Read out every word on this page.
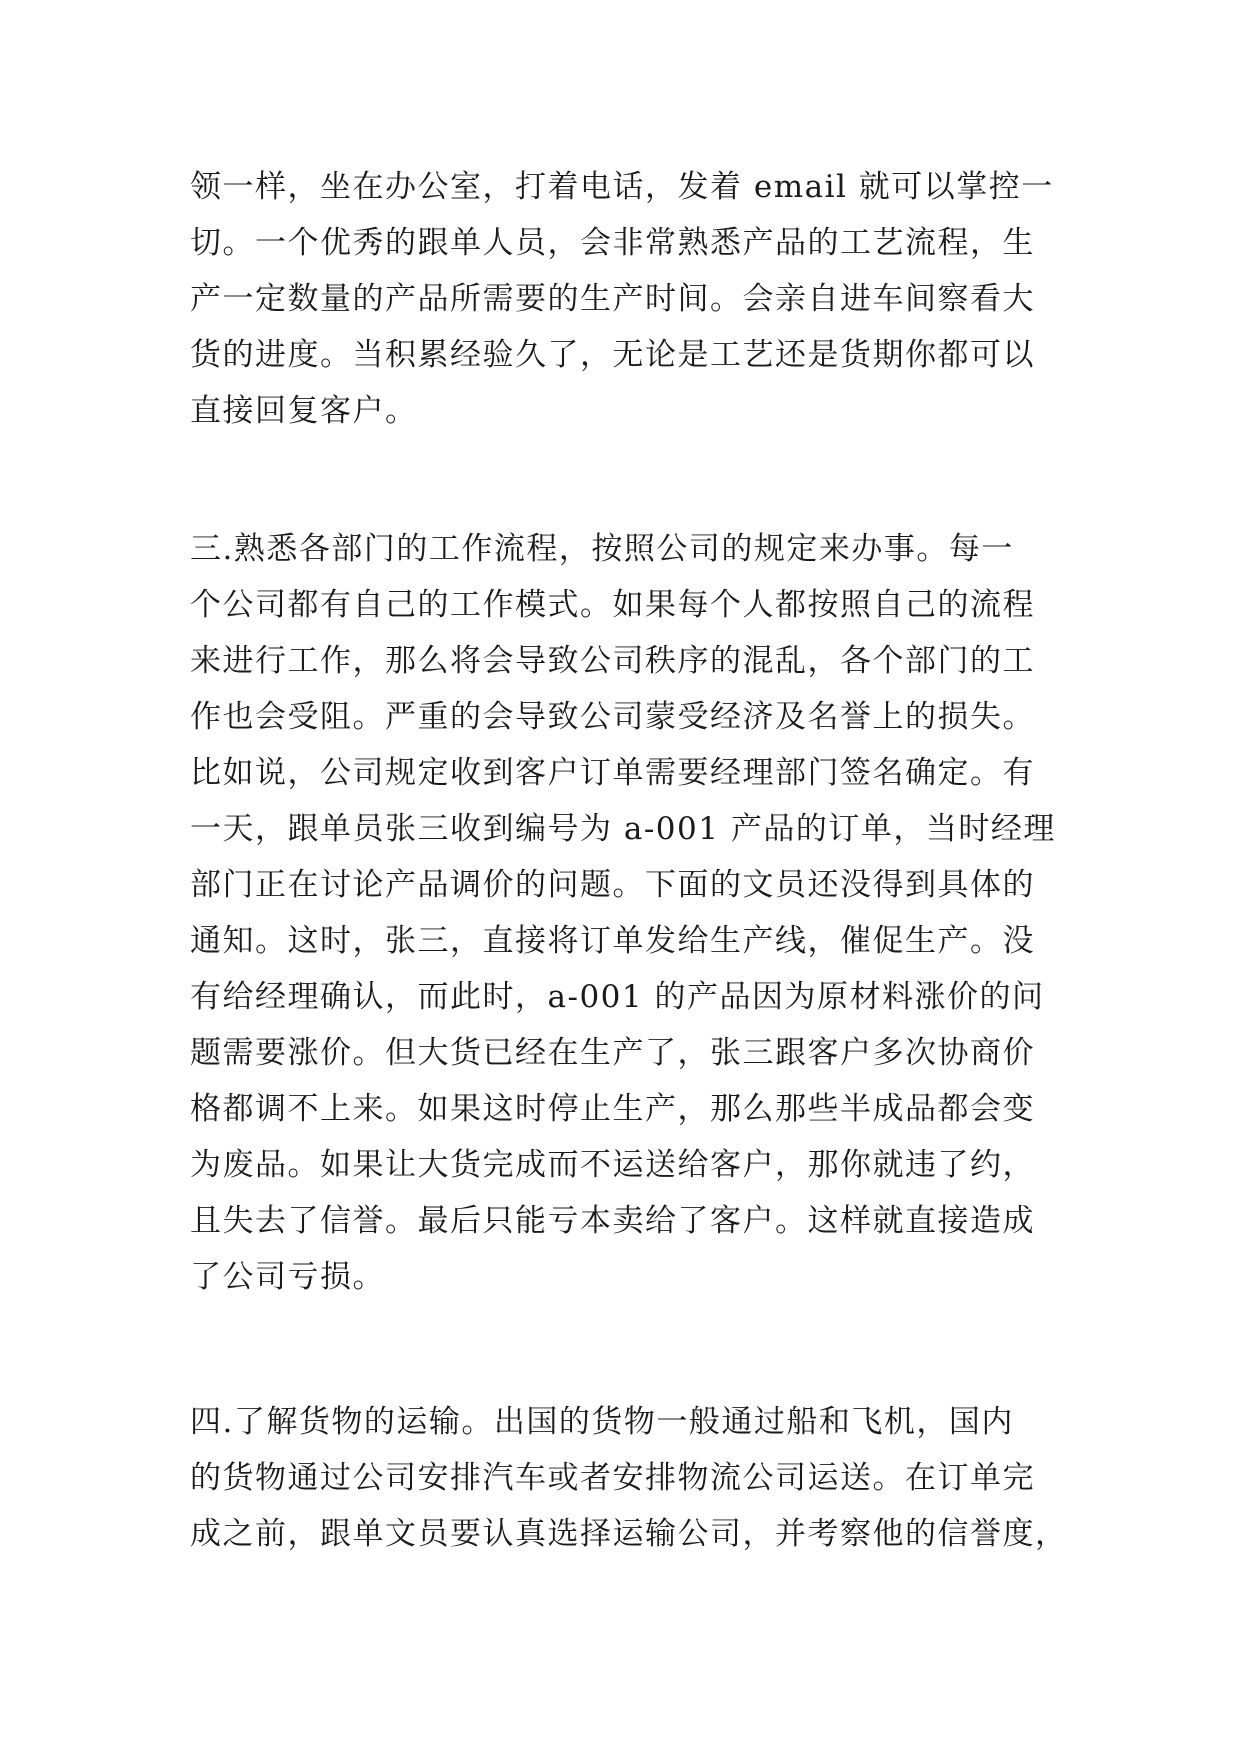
领一样，坐在办公室，打着电话，发着 email 就可以掌控一
切。一个优秀的跟单人员，会非常熟悉产品的工艺流程，生
产一定数量的产品所需要的生产时间。会亲自进车间察看大
货的进度。当积累经验久了，无论是工艺还是货期你都可以
直接回复客户。
三.熟悉各部门的工作流程，按照公司的规定来办事。每一
个公司都有自己的工作模式。如果每个人都按照自己的流程
来进行工作，那么将会导致公司秩序的混乱，各个部门的工
作也会受阻。严重的会导致公司蒙受经济及名誉上的损失。
比如说，公司规定收到客户订单需要经理部门签名确定。有
一天，跟单员张三收到编号为 a-001 产品的订单，当时经理
部门正在讨论产品调价的问题。下面的文员还没得到具体的
通知。这时，张三，直接将订单发给生产线，催促生产。没
有给经理确认，而此时，a-001 的产品因为原材料涨价的问
题需要涨价。但大货已经在生产了，张三跟客户多次协商价
格都调不上来。如果这时停止生产，那么那些半成品都会变
为废品。如果让大货完成而不运送给客户，那你就违了约，
且失去了信誉。最后只能亏本卖给了客户。这样就直接造成
了公司亏损。
四.了解货物的运输。出国的货物一般通过船和飞机，国内
的货物通过公司安排汽车或者安排物流公司运送。在订单完
成之前，跟单文员要认真选择运输公司，并考察他的信誉度，
